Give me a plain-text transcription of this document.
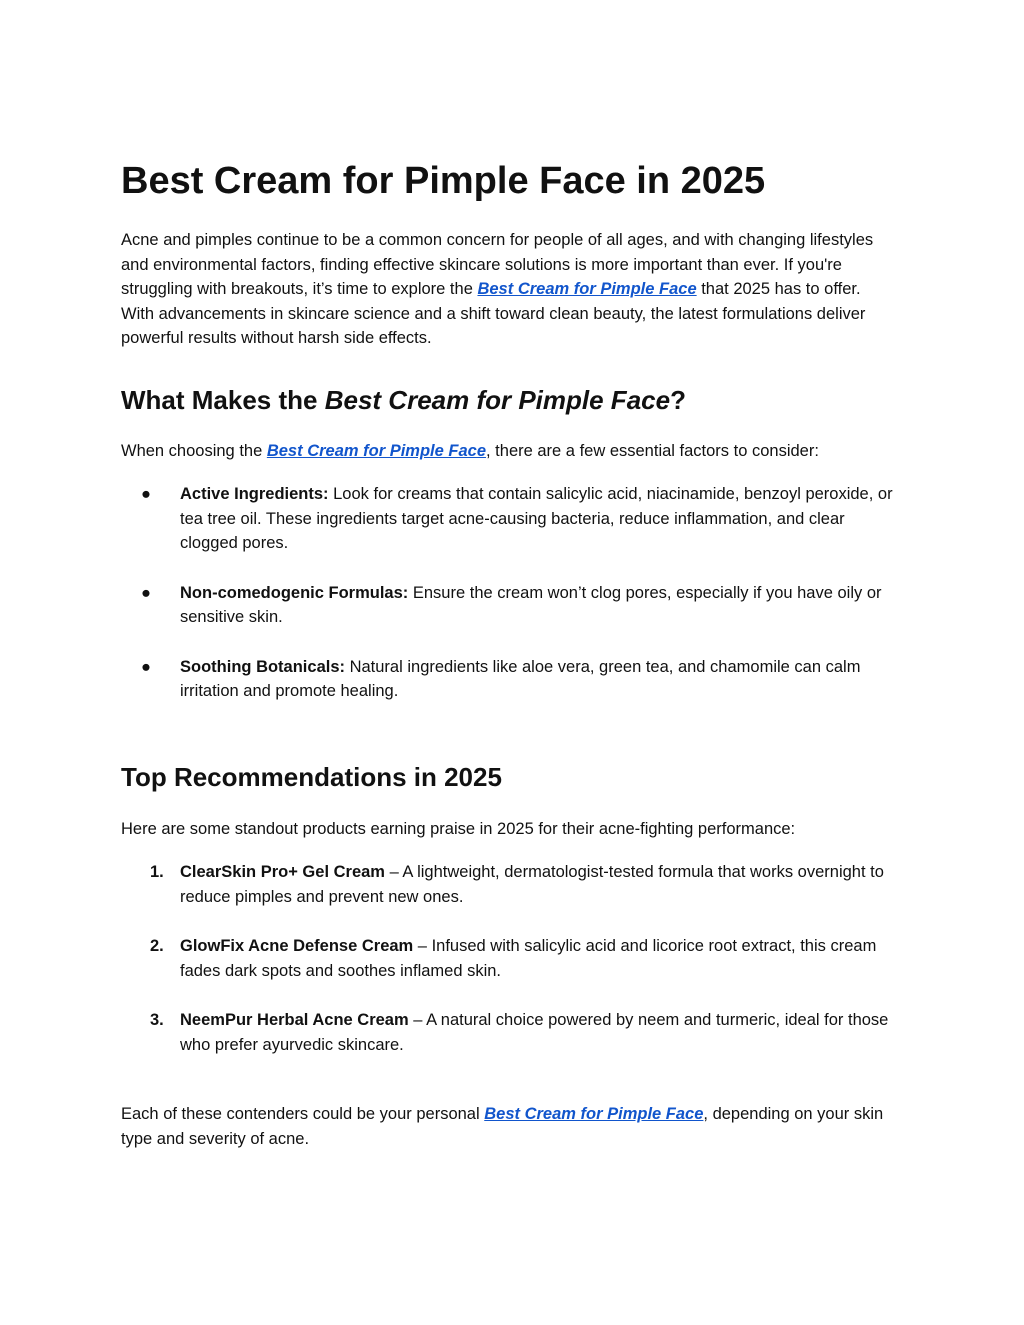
Best Cream for Pimple Face in 2025

Acne and pimples continue to be a common concern for people of all ages, and with changing lifestyles and environmental factors, finding effective skincare solutions is more important than ever. If you're struggling with breakouts, it’s time to explore the Best Cream for Pimple Face that 2025 has to offer. With advancements in skincare science and a shift toward clean beauty, the latest formulations deliver powerful results without harsh side effects.

What Makes the Best Cream for Pimple Face?

When choosing the Best Cream for Pimple Face, there are a few essential factors to consider:

● Active Ingredients: Look for creams that contain salicylic acid, niacinamide, benzoyl peroxide, or tea tree oil. These ingredients target acne-causing bacteria, reduce inflammation, and clear clogged pores.
● Non-comedogenic Formulas: Ensure the cream won’t clog pores, especially if you have oily or sensitive skin.
● Soothing Botanicals: Natural ingredients like aloe vera, green tea, and chamomile can calm irritation and promote healing.
Top Recommendations in 2025

Here are some standout products earning praise in 2025 for their acne-fighting performance:

1. ClearSkin Pro+ Gel Cream – A lightweight, dermatologist-tested formula that works overnight to reduce pimples and prevent new ones.
2. GlowFix Acne Defense Cream – Infused with salicylic acid and licorice root extract, this cream fades dark spots and soothes inflamed skin.
3. NeemPur Herbal Acne Cream – A natural choice powered by neem and turmeric, ideal for those who prefer ayurvedic skincare.

Each of these contenders could be your personal Best Cream for Pimple Face, depending on your skin type and severity of acne.
